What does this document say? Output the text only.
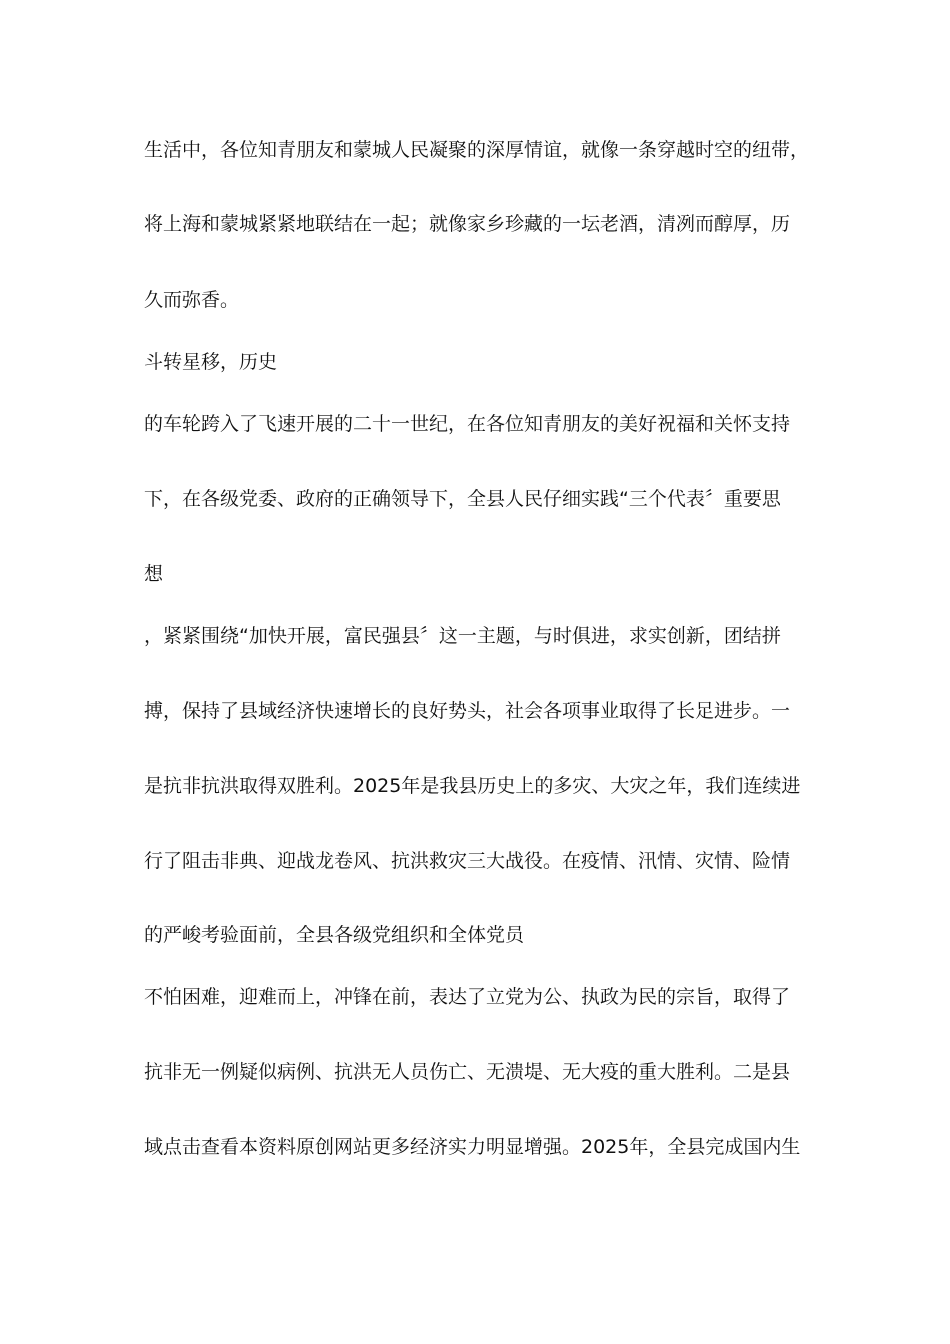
生活中，各位知青朋友和蒙城人民凝聚的深厚情谊，就像一条穿越时空的纽带，
将上海和蒙城紧紧地联结在一起；就像家乡珍藏的一坛老酒，清冽而醇厚，历
久而弥香。
斗转星移，历史
的车轮跨入了飞速开展的二十一世纪，在各位知青朋友的美好祝福和关怀支持
下，在各级党委、政府的正确领导下，全县人民仔细实践“三个代表〞重要思
想
，紧紧围绕“加快开展，富民强县〞这一主题，与时俱进，求实创新，团结拼
搏，保持了县域经济快速增长的良好势头，社会各项事业取得了长足进步。一
是抗非抗洪取得双胜利。2025年是我县历史上的多灾、大灾之年，我们连续进
行了阻击非典、迎战龙卷风、抗洪救灾三大战役。在疫情、汛情、灾情、险情
的严峻考验面前，全县各级党组织和全体党员
不怕困难，迎难而上，冲锋在前，表达了立党为公、执政为民的宗旨，取得了
抗非无一例疑似病例、抗洪无人员伤亡、无溃堤、无大疫的重大胜利。二是县
域点击查看本资料原创网站更多经济实力明显增强。2025年，全县完成国内生
